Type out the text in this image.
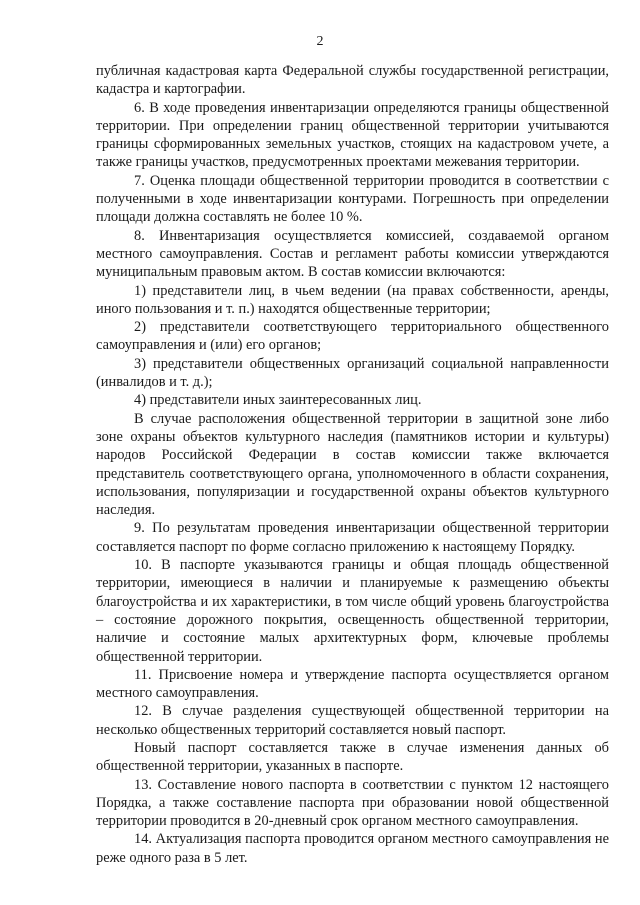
2

публичная кадастровая карта Федеральной службы государственной регистрации, кадастра и картографии.

6. В ходе проведения инвентаризации определяются границы общественной территории. При определении границ общественной территории учитываются границы сформированных земельных участков, стоящих на кадастровом учете, а также границы участков, предусмотренных проектами межевания территории.

7. Оценка площади общественной территории проводится в соответствии с полученными в ходе инвентаризации контурами. Погрешность при определении площади должна составлять не более 10 %.

8. Инвентаризация осуществляется комиссией, создаваемой органом местного самоуправления. Состав и регламент работы комиссии утверждаются муниципальным правовым актом. В состав комиссии включаются:

1) представители лиц, в чьем ведении (на правах собственности, аренды, иного пользования и т. п.) находятся общественные территории;

2) представители соответствующего территориального общественного самоуправления и (или) его органов;

3) представители общественных организаций социальной направленности (инвалидов и т. д.);

4) представители иных заинтересованных лиц.

В случае расположения общественной территории в защитной зоне либо зоне охраны объектов культурного наследия (памятников истории и культуры) народов Российской Федерации в состав комиссии также включается представитель соответствующего органа, уполномоченного в области сохранения, использования, популяризации и государственной охраны объектов культурного наследия.

9. По результатам проведения инвентаризации общественной территории составляется паспорт по форме согласно приложению к настоящему Порядку.

10. В паспорте указываются границы и общая площадь общественной территории, имеющиеся в наличии и планируемые к размещению объекты благоустройства и их характеристики, в том числе общий уровень благоустройства – состояние дорожного покрытия, освещенность общественной территории, наличие и состояние малых архитектурных форм, ключевые проблемы общественной территории.

11. Присвоение номера и утверждение паспорта осуществляется органом местного самоуправления.

12. В случае разделения существующей общественной территории на несколько общественных территорий составляется новый паспорт.

Новый паспорт составляется также в случае изменения данных об общественной территории, указанных в паспорте.

13. Составление нового паспорта в соответствии с пунктом 12 настоящего Порядка, а также составление паспорта при образовании новой общественной территории проводится в 20-дневный срок органом местного самоуправления.

14. Актуализация паспорта проводится органом местного самоуправления не реже одного раза в 5 лет.
